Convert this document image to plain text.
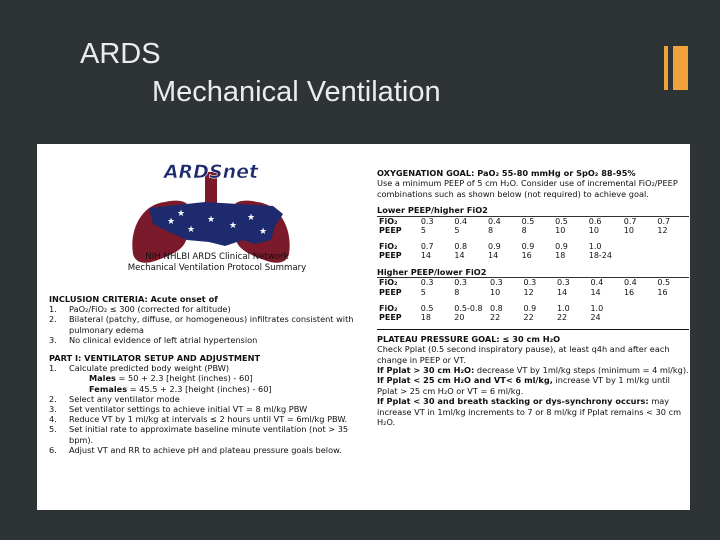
ARDS
Mechanical Ventilation
★
★
★
★
★
★
★
ARDSnet
NIH NHLBI ARDS Clinical Network
Mechanical Ventilation Protocol Summary
INCLUSION CRITERIA: Acute onset of
1. PaO₂/FiO₂ ≤ 300 (corrected for altitude)
2. Bilateral (patchy, diffuse, or homogeneous) infiltrates consistent with pulmonary edema
3. No clinical evidence of left atrial hypertension
PART I: VENTILATOR SETUP AND ADJUSTMENT
1. Calculate predicted body weight (PBW)
Males = 50 + 2.3 [height (inches) - 60]
Females = 45.5 + 2.3 [height (inches) - 60]
2. Select any ventilator mode
3. Set ventilator settings to achieve initial VT = 8 ml/kg PBW
4. Reduce VT by 1 ml/kg at intervals ≤ 2 hours until VT = 6ml/kg PBW.
5. Set initial rate to approximate baseline minute ventilation (not > 35 bpm).
6. Adjust VT and RR to achieve pH and plateau pressure goals below.
OXYGENATION GOAL: PaO₂ 55-80 mmHg or SpO₂ 88-95%
Use a minimum PEEP of 5 cm H₂O. Consider use of incremental FiO₂/PEEP combinations such as shown below (not required) to achieve goal.
Lower PEEP/higher FiO2
FiO₂	0.3	0.4	0.4	0.5	0.5	0.6	0.7	0.7
PEEP	5	5	8	8	10	10	10	12

FiO₂	0.7	0.8	0.9	0.9	0.9	1.0		
PEEP	14	14	14	16	18	18-24		
Higher PEEP/lower FiO2
FiO₂	0.3	0.3	0.3	0.3	0.3	0.4	0.4	0.5
PEEP	5	8	10	12	14	14	16	16

FiO₂	0.5	0.5-0.8	0.8	0.9	1.0	1.0		
PEEP	18	20	22	22	22	24		
PLATEAU PRESSURE GOAL: ≤ 30 cm H₂O
Check Pplat (0.5 second inspiratory pause), at least q4h and after each change in PEEP or VT.
If Pplat > 30 cm H₂O: decrease VT by 1ml/kg steps (minimum = 4 ml/kg).
If Pplat < 25 cm H₂O and VT< 6 ml/kg, increase VT by 1 ml/kg until Pplat > 25 cm H₂O or VT = 6 ml/kg.
If Pplat < 30 and breath stacking or dys-synchrony occurs: may increase VT in 1ml/kg increments to 7 or 8 ml/kg if Pplat remains < 30 cm H₂O.
